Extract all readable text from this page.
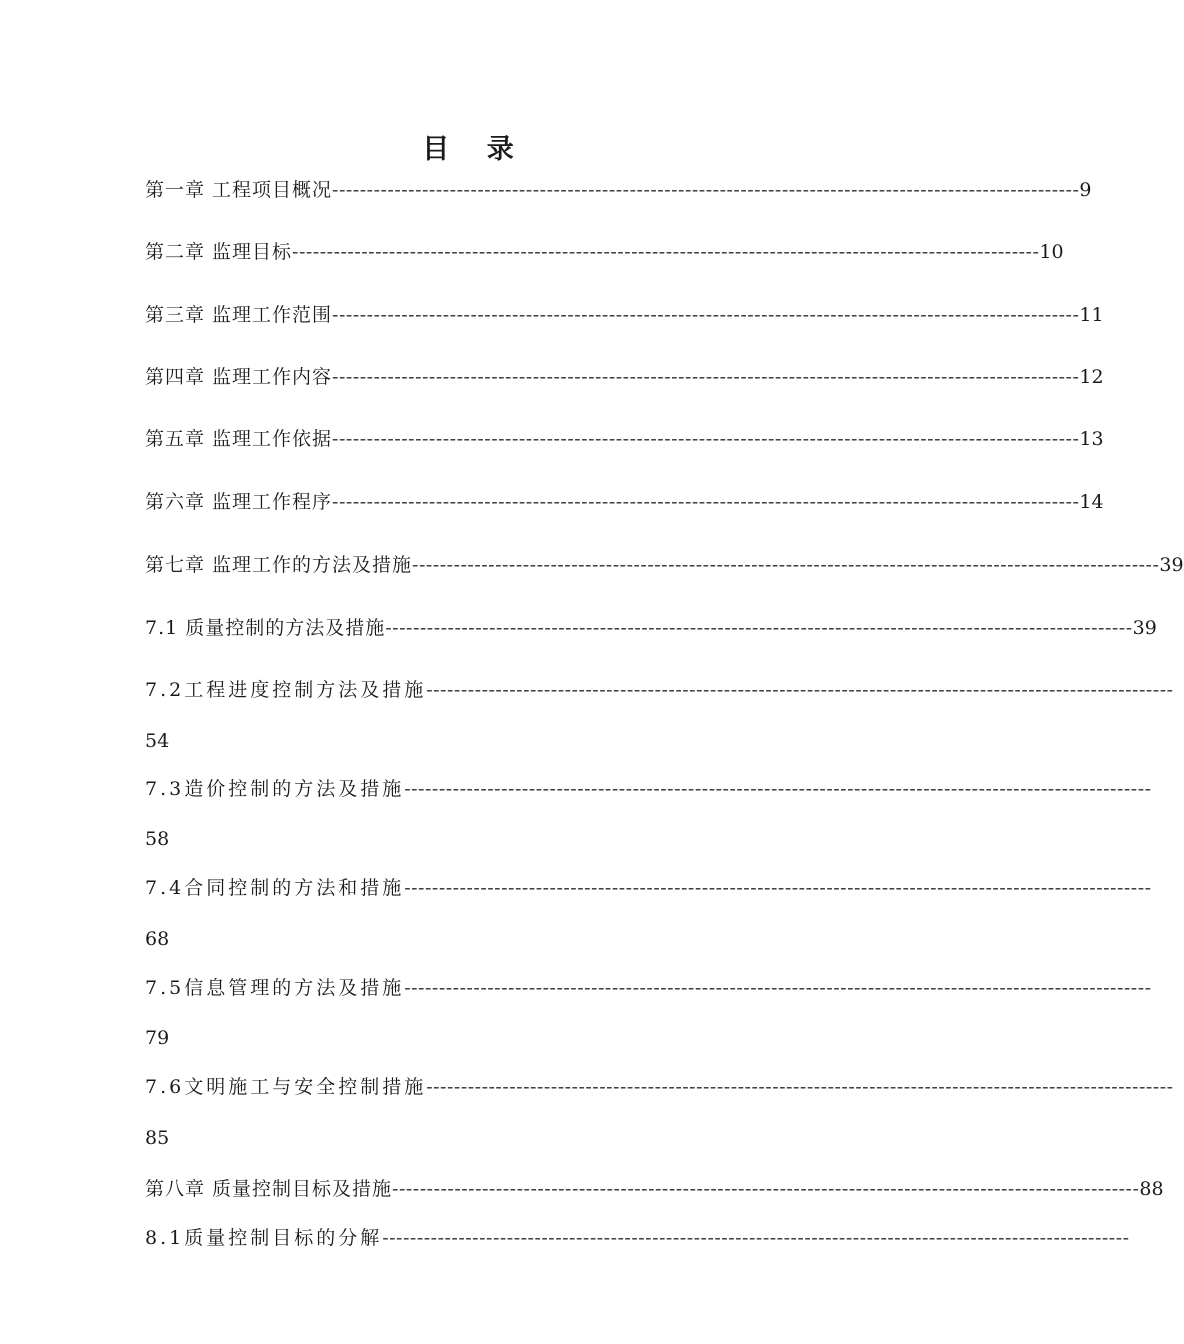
目 录
第一章 工程项目概况 ------------------------------------------------------------------------------------------------------------ 9
第二章 监理目标 ------------------------------------------------------------------------------------------------------------ 10
第三章 监理工作范围 ------------------------------------------------------------------------------------------------------------ 11
第四章 监理工作内容 ------------------------------------------------------------------------------------------------------------ 12
第五章 监理工作依据 ------------------------------------------------------------------------------------------------------------ 13
第六章 监理工作程序 ------------------------------------------------------------------------------------------------------------ 14
第七章 监理工作的方法及措施 ------------------------------------------------------------------------------------------------------------ 39
7.1 质量控制的方法及措施 ------------------------------------------------------------------------------------------------------------ 39
7.2工程进度控制方法及措施 ------------------------------------------------------------------------------------------------------------
54
7.3造价控制的方法及措施 ------------------------------------------------------------------------------------------------------------
58
7.4合同控制的方法和措施 ------------------------------------------------------------------------------------------------------------
68
7.5信息管理的方法及措施 ------------------------------------------------------------------------------------------------------------
79
7.6文明施工与安全控制措施 ------------------------------------------------------------------------------------------------------------
85
第八章 质量控制目标及措施 ------------------------------------------------------------------------------------------------------------ 88
8.1质量控制目标的分解 ------------------------------------------------------------------------------------------------------------
